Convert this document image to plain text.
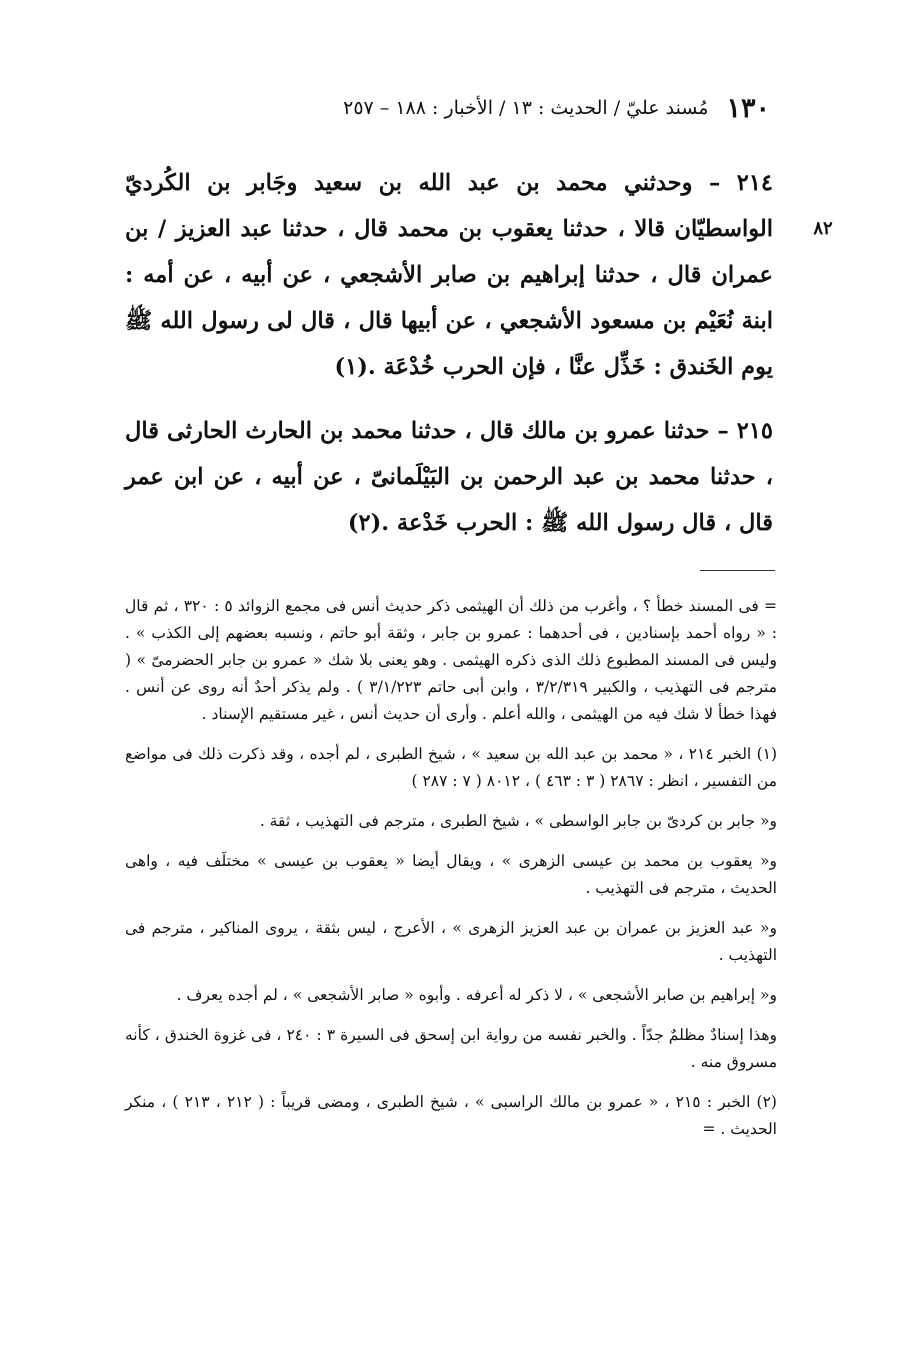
١٣٠
مُسند عليّ / الحديث : ١٣ / الأخبار : ١٨٨ – ٢٥٧
٨٢

٢١٤ – وحدثني محمد بن عبد الله بن سعيد وجَابر بن الكُرديّ الواسطيّان قالا ، حدثنا يعقوب بن محمد قال ، حدثنا عبد العزيز / بن عمران قال ، حدثنا إبراهيم بن صابر الأشجعي ، عن أبيه ، عن أمه : ابنة نُعَيْم بن مسعود الأشجعي ، عن أبيها قال ، قال لى رسول الله ﷺ يوم الخَندق : خَذِّل عنَّا ، فإن الحرب خُدْعَة .(١)

٢١٥ – حدثنا عمرو بن مالك قال ، حدثنا محمد بن الحارث الحارثى قال ، حدثنا محمد بن عبد الرحمن بن البَيْلَمانىّ ، عن أبيه ، عن ابن عمر قال ، قال رسول الله ﷺ : الحرب خَدْعة .(٢)

= فى المسند خطأ ؟ ، وأغرب من ذلك أن الهيثمى ذكر حديث أنس فى مجمع الزوائد ٥ : ٣٢٠ ، ثم قال : « رواه أحمد بإسنادين ، فى أحدهما : عمرو بن جابر ، وثقة أبو حاتم ، ونسبه بعضهم إلى الكذب » . وليس فى المسند المطبوع ذلك الذى ذكره الهيثمى . وهو يعنى بلا شك « عمرو بن جابر الحضرمىّ » ( مترجم فى التهذيب ، والكبير ٣/٢/٣١٩ ، وابن أبى حاتم ٣/١/٢٢٣ ) . ولم يذكر أحدٌ أنه روى عن أنس . فهذا خطأ لا شك فيه من الهيثمى ، والله أعلم . وأرى أن حديث أنس ، غير مستقيم الإسناد .

(١) الخبر ٢١٤ ، « محمد بن عبد الله بن سعيد » ، شيخ الطبرى ، لم أجده ، وقد ذكرت ذلك فى مواضع من التفسير ، انظر : ٢٨٦٧ ( ٣ : ٤٦٣ ) ، ٨٠١٢ ( ٧ : ٢٨٧ )

و« جابر بن كردىّ بن جابر الواسطى » ، شيخ الطبرى ، مترجم فى التهذيب ، ثقة .

و« يعقوب بن محمد بن عيسى الزهرى » ، ويقال أيضا « يعقوب بن عيسى » مختلَف فيه ، واهى الحديث ، مترجم فى التهذيب .

و« عبد العزيز بن عمران بن عبد العزيز الزهرى » ، الأعرج ، ليس بثقة ، يروى المناكير ، مترجم فى التهذيب .

و« إبراهيم بن صابر الأشجعى » ، لا ذكر له أعرفه . وأبوه « صابر الأشجعى » ، لم أجده يعرف .

وهذا إسنادٌ مظلمٌ جدّاً . والخبر نفسه من رواية ابن إسحق فى السيرة ٣ : ٢٤٠ ، فى غزوة الخندق ، كأنه مسروق منه .

(٢) الخبر : ٢١٥ ، « عمرو بن مالك الراسبى » ، شيخ الطبرى ، ومضى قريباً : ( ٢١٢ ، ٢١٣ ) ، منكر الحديث . =
